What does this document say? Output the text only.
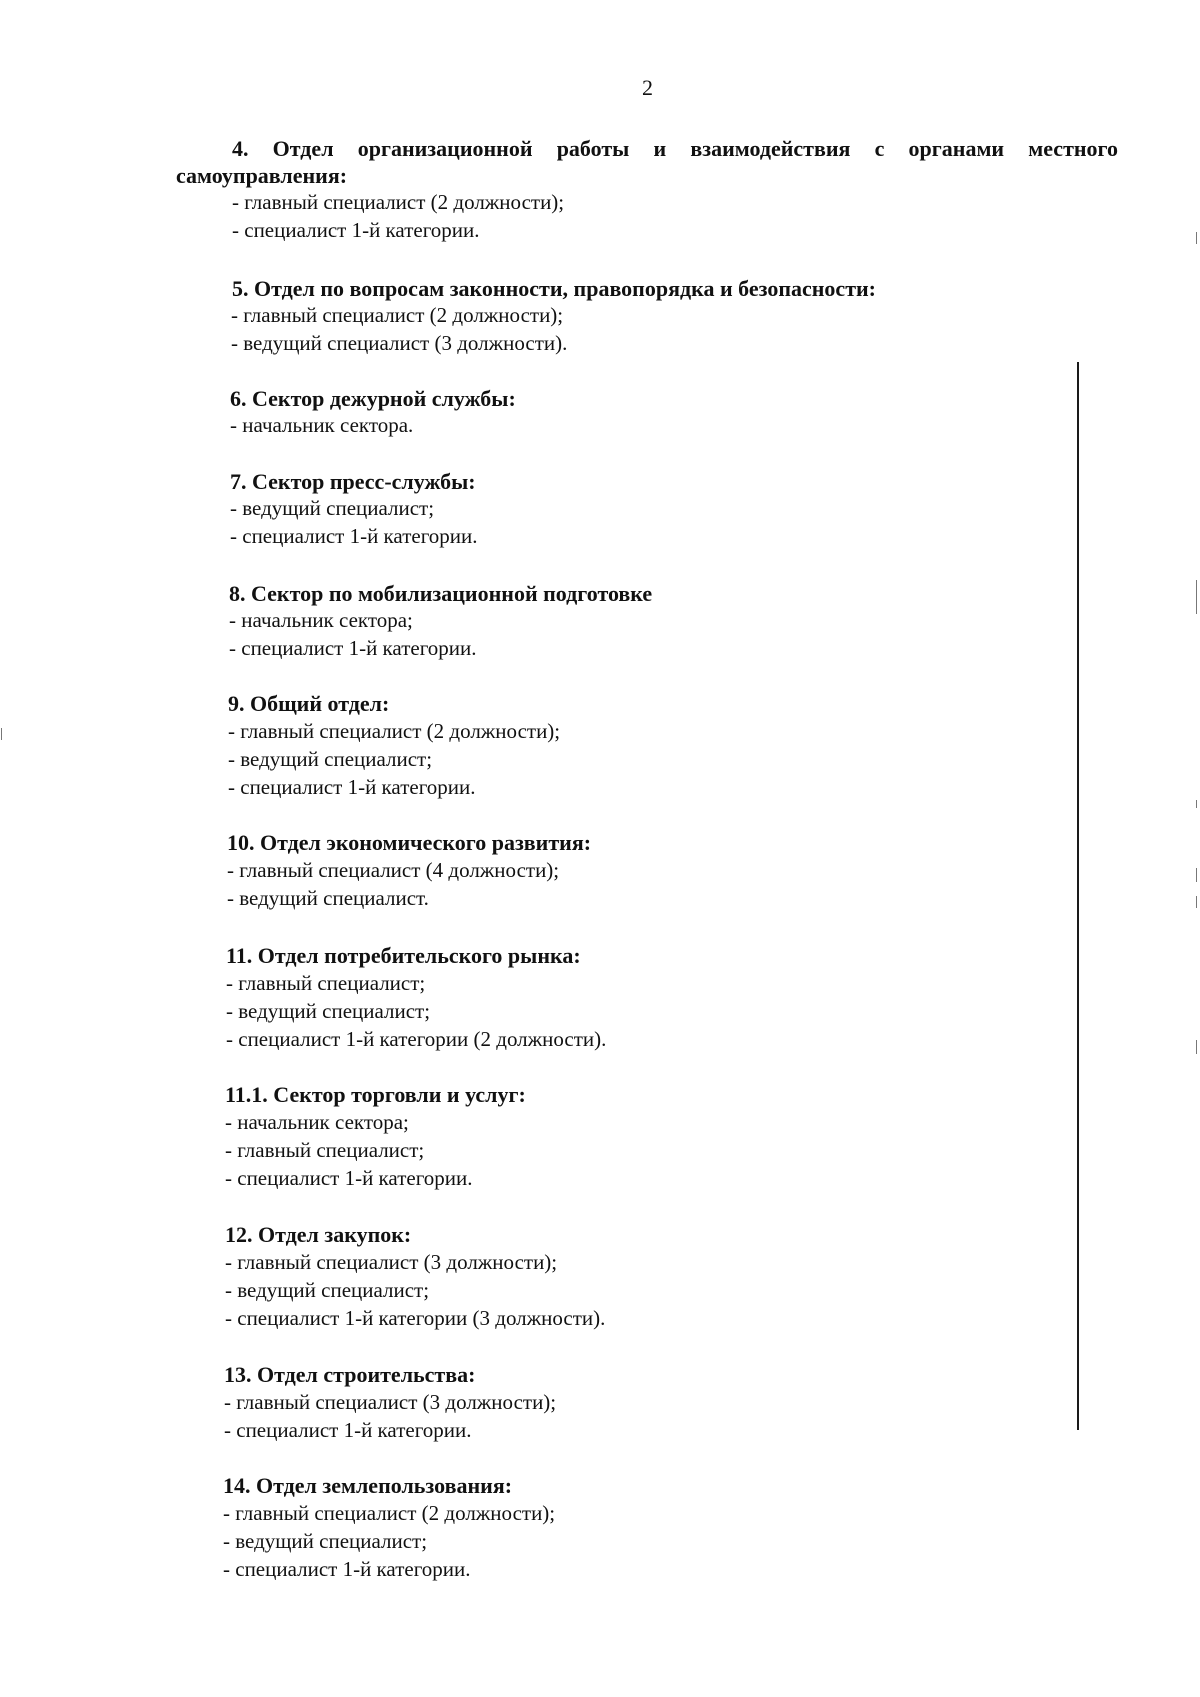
2
4. Отдел организационной работы и взаимодействия с органами местного самоуправления:
- главный специалист (2 должности);
- специалист 1-й категории.
5. Отдел по вопросам законности, правопорядка и безопасности:
- главный специалист (2 должности);
- ведущий специалист (3 должности).
6. Сектор дежурной службы:
- начальник сектора.
7. Сектор пресс-службы:
- ведущий специалист;
- специалист 1-й категории.
8. Сектор по мобилизационной подготовке
- начальник сектора;
- специалист 1-й категории.
9. Общий отдел:
- главный специалист (2 должности);
- ведущий специалист;
- специалист 1-й категории.
10. Отдел экономического развития:
- главный специалист (4 должности);
- ведущий специалист.
11. Отдел потребительского рынка:
- главный специалист;
- ведущий специалист;
- специалист 1-й категории (2 должности).
11.1. Сектор торговли и услуг:
- начальник сектора;
- главный специалист;
- специалист 1-й категории.
12. Отдел закупок:
- главный специалист (3 должности);
- ведущий специалист;
- специалист 1-й категории (3 должности).
13. Отдел строительства:
- главный специалист (3 должности);
- специалист 1-й категории.
14. Отдел землепользования:
- главный специалист (2 должности);
- ведущий специалист;
- специалист 1-й категории.
